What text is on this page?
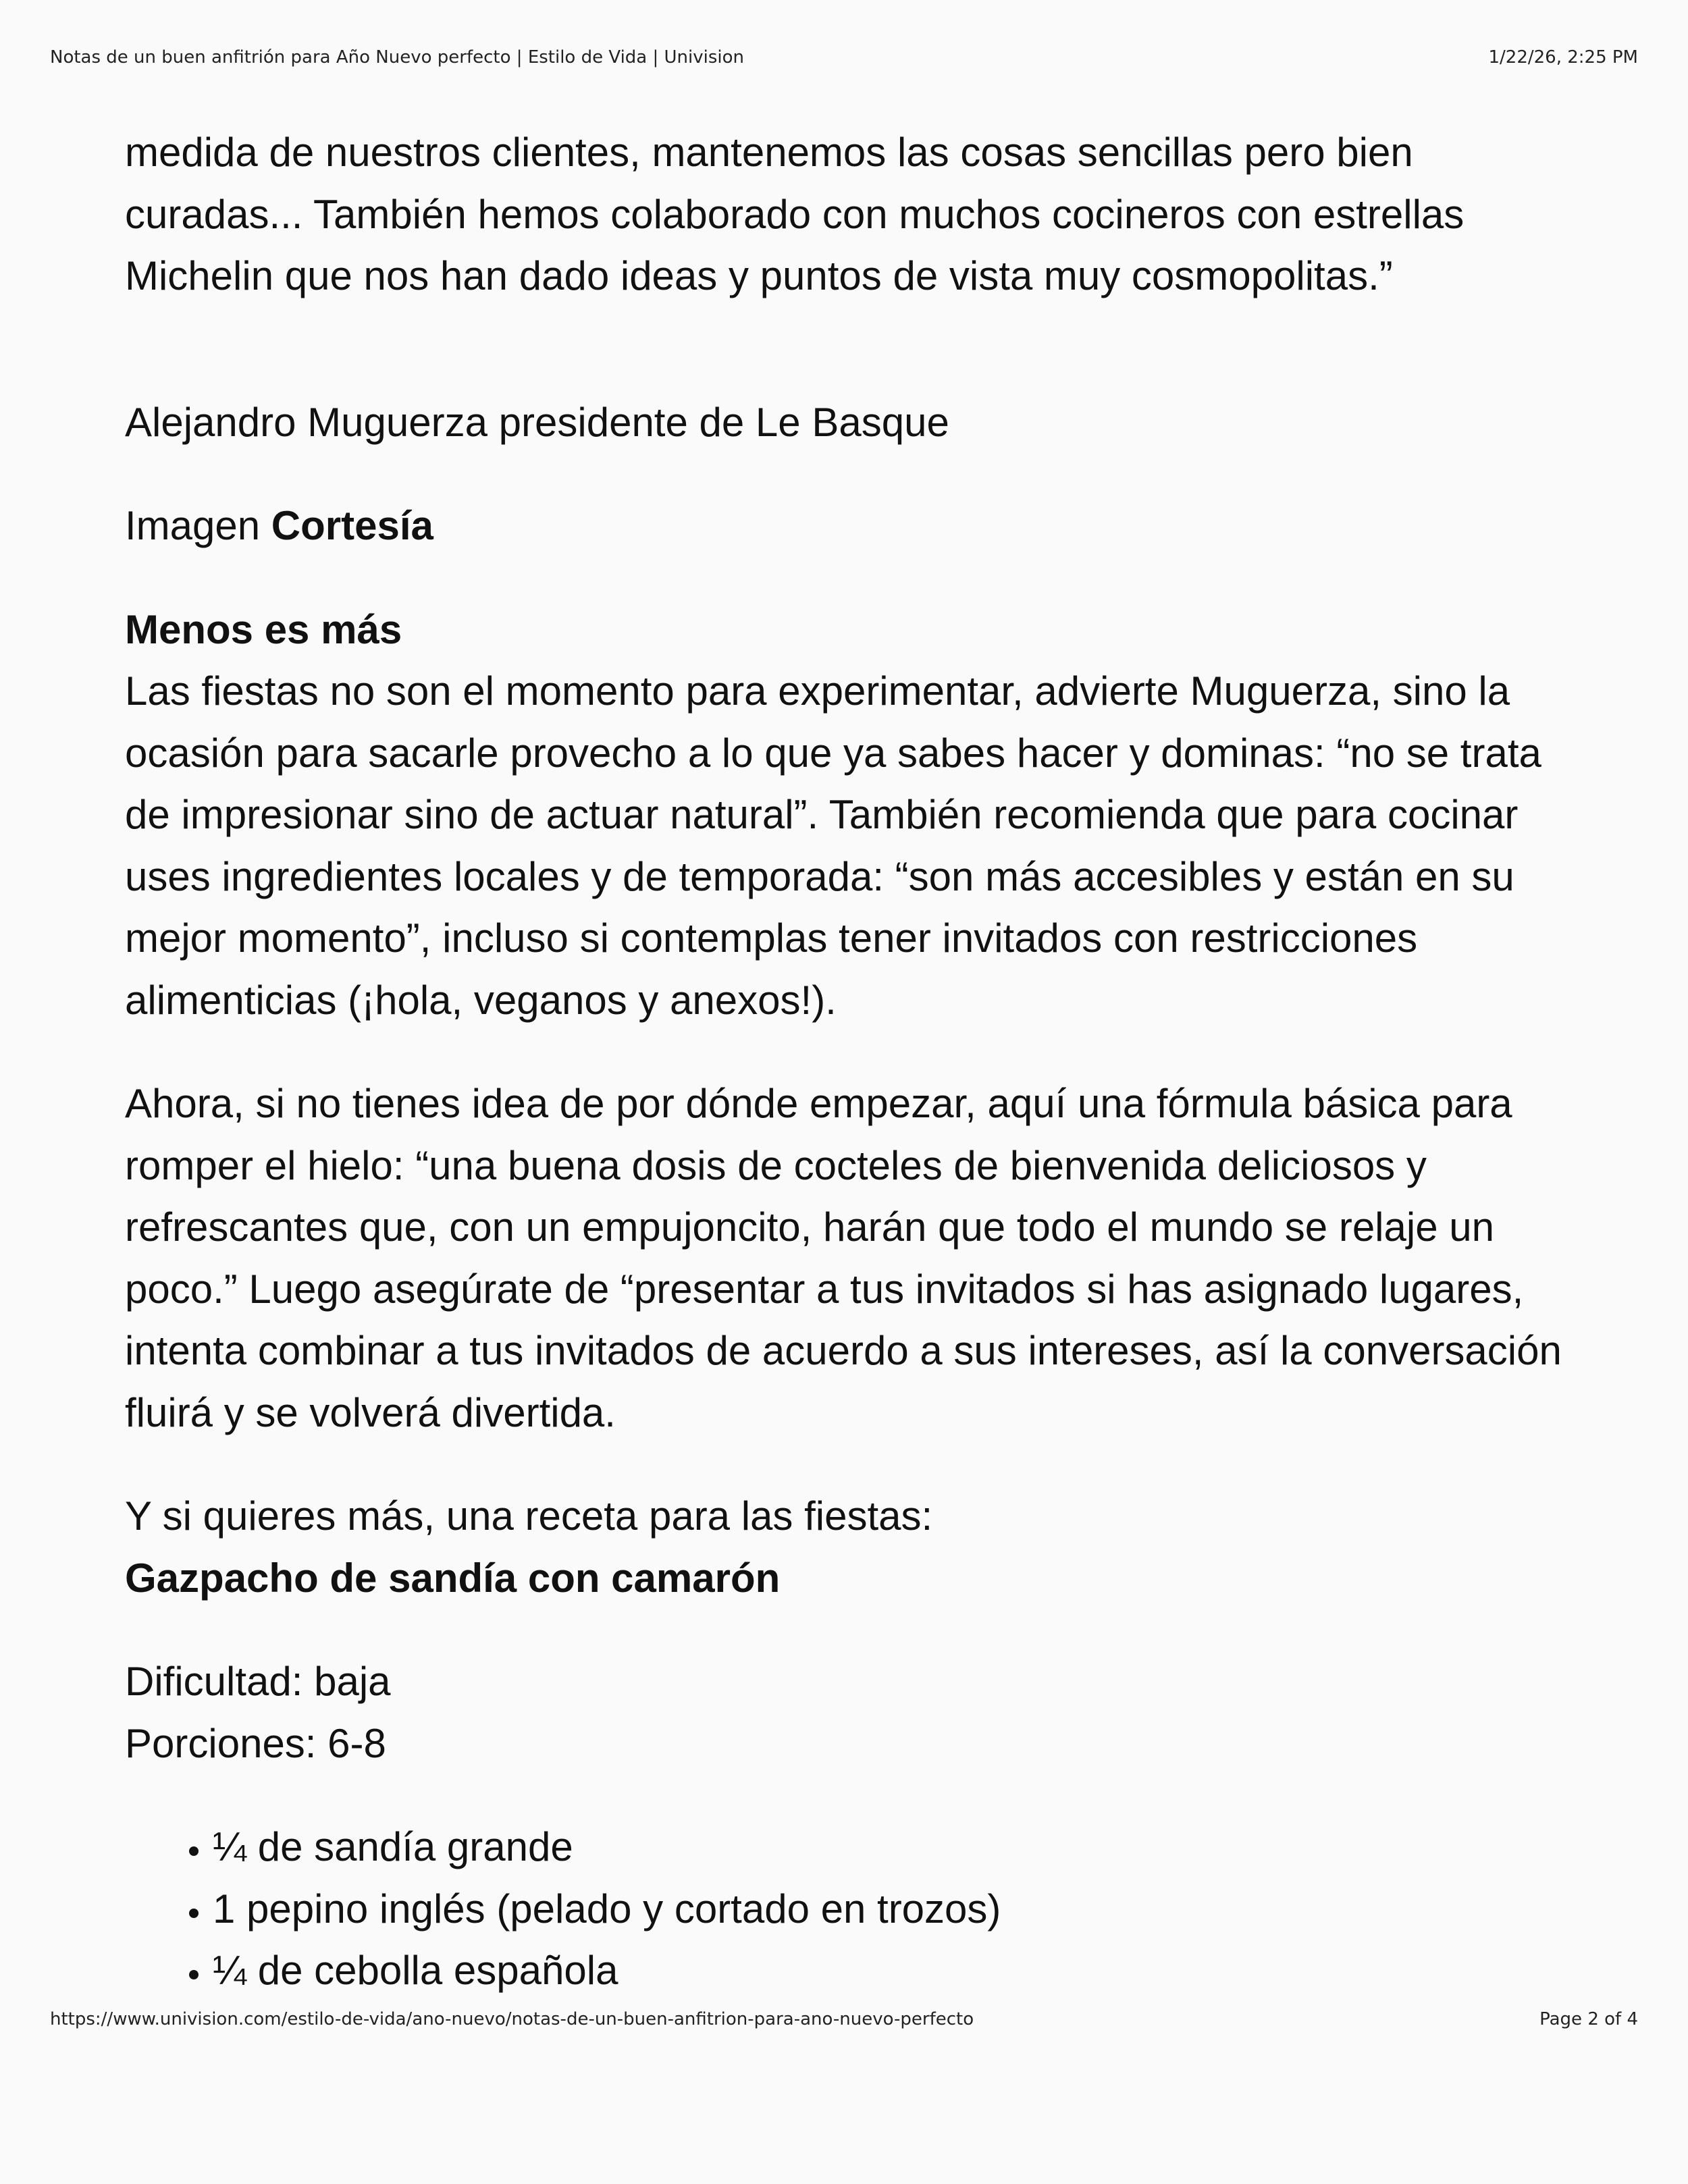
Notas de un buen anfitrión para Año Nuevo perfecto | Estilo de Vida | Univision	1/22/26, 2:25 PM

medida de nuestros clientes, mantenemos las cosas sencillas pero bien curadas... También hemos colaborado con muchos cocineros con estrellas Michelin que nos han dado ideas y puntos de vista muy cosmopolitas.”

Alejandro Muguerza presidente de Le Basque

Imagen Cortesía

Menos es más

Las fiestas no son el momento para experimentar, advierte Muguerza, sino la ocasión para sacarle provecho a lo que ya sabes hacer y dominas: “no se trata de impresionar sino de actuar natural”. También recomienda que para cocinar uses ingredientes locales y de temporada: “son más accesibles y están en su mejor momento”, incluso si contemplas tener invitados con restricciones alimenticias (¡hola, veganos y anexos!).

Ahora, si no tienes idea de por dónde empezar, aquí una fórmula básica para romper el hielo: “una buena dosis de cocteles de bienvenida deliciosos y refrescantes que, con un empujoncito, harán que todo el mundo se relaje un poco.” Luego asegúrate de “presentar a tus invitados si has asignado lugares, intenta combinar a tus invitados de acuerdo a sus intereses, así la conversación fluirá y se volverá divertida.

Y si quieres más, una receta para las fiestas:

Gazpacho de sandía con camarón

Dificultad: baja

Porciones: 6-8

• ¼ de sandía grande
• 1 pepino inglés (pelado y cortado en trozos)
• ¼ de cebolla española
https://www.univision.com/estilo-de-vida/ano-nuevo/notas-de-un-buen-anfitrion-para-ano-nuevo-perfecto	Page 2 of 4
